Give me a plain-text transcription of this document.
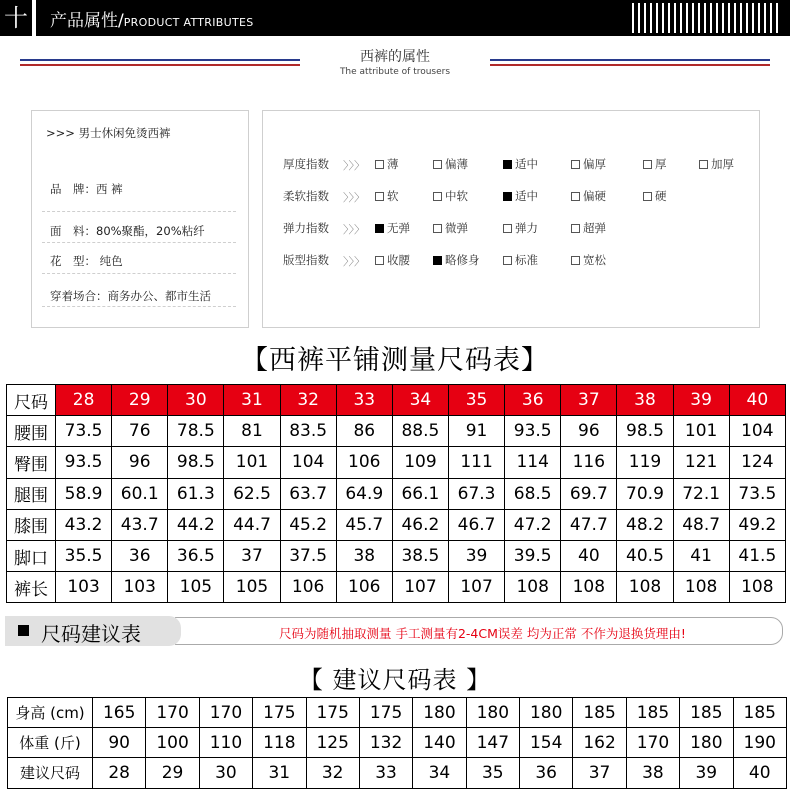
十 产品属性/PRODUCT ATTRIBUTES
西裤的属性
The attribute of trousers
>>> 男士休闲免烫西裤
品　牌：西 裤
面　料：80%聚酯，20%粘纤
花　型： 纯色
穿着场合：商务办公、都市生活
厚度指数 〉〉〉	薄	偏薄	适中	偏厚	厚	加厚
柔软指数 〉〉〉	软	中软	适中	偏硬	硬
弹力指数 〉〉〉	无弹	微弹	弹力	超弹
版型指数 〉〉〉	收腰	略修身	标准	宽松
【西裤平铺测量尺码表】
尺码	28	29	30	31	32	33	34	35	36	37	38	39	40
腰围	73.5	76	78.5	81	83.5	86	88.5	91	93.5	96	98.5	101	104
臀围	93.5	96	98.5	101	104	106	109	111	114	116	119	121	124
腿围	58.9	60.1	61.3	62.5	63.7	64.9	66.1	67.3	68.5	69.7	70.9	72.1	73.5
膝围	43.2	43.7	44.2	44.7	45.2	45.7	46.2	46.7	47.2	47.7	48.2	48.7	49.2
脚口	35.5	36	36.5	37	37.5	38	38.5	39	39.5	40	40.5	41	41.5
裤长	103	103	105	105	106	106	107	107	108	108	108	108	108
尺码建议表	尺码为随机抽取测量 手工测量有2-4CM误差 均为正常 不作为退换货理由!
【 建议尺码表 】
身高 (cm)	165	170	170	175	175	175	180	180	180	185	185	185	185
体重 (斤)	90	100	110	118	125	132	140	147	154	162	170	180	190
建议尺码	28	29	30	31	32	33	34	35	36	37	38	39	40
